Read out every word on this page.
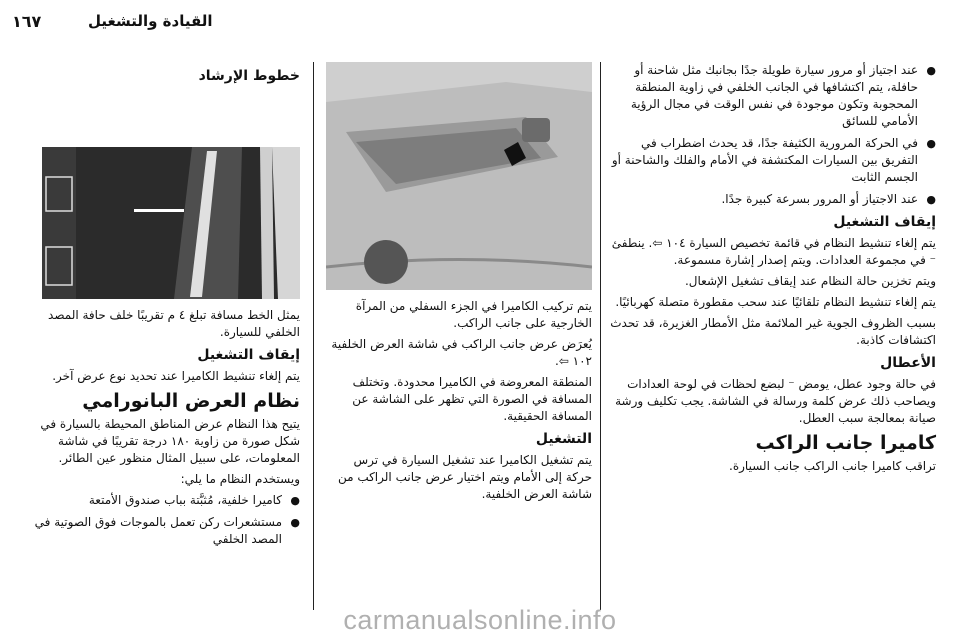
١٦٧	القيادة والتشغيل
● عند اجتياز أو مرور سيارة طويلة جدًا بجانبك مثل شاحنة أو حافلة، يتم اكتشافها في الجانب الخلفي في زاوية المنطقة المحجوبة وتكون موجودة في نفس الوقت في مجال الرؤية الأمامي للسائق
● في الحركة المرورية الكثيفة جدًا، قد يحدث اضطراب في التفريق بين السيارات المكتشفة في الأمام والفلك والشاحنة أو الجسم الثابت
● عند الاجتياز أو المرور بسرعة كبيرة جدًا.
إيقاف التشغيل

يتم إلغاء تنشيط النظام في قائمة تخصيص السيارة ١٠٤ ⇦. ينطفئ ⁻ في مجموعة العدادات. ويتم إصدار إشارة مسموعة.

ويتم تخزين حالة النظام عند إيقاف تشغيل الإشعال.

يتم إلغاء تنشيط النظام تلقائيًا عند سحب مقطورة متصلة كهربائيًا.

بسبب الظروف الجوية غير الملائمة مثل الأمطار الغزيرة، قد تحدث اكتشافات كاذبة.

الأعطال

في حالة وجود عطل، يومض ⁻ لبضع لحظات في لوحة العدادات ويصاحب ذلك عرض كلمة ورسالة في الشاشة. يجب تكليف ورشة صيانة بمعالجة سبب العطل.

كاميرا جانب الراكب

تراقب كاميرا جانب الراكب جانب السيارة.

يتم تركيب الكاميرا في الجزء السفلي من المرآة الخارجية على جانب الراكب.

يُعرَض عرض جانب الراكب في شاشة العرض الخلفية ١٠٢ ⇦.

المنطقة المعروضة في الكاميرا محدودة. وتختلف المسافة في الصورة التي تظهر على الشاشة عن المسافة الحقيقية.

التشغيل

يتم تشغيل الكاميرا عند تشغيل السيارة في ترس حركة إلى الأمام ويتم اختيار عرض جانب الراكب من شاشة العرض الخلفية.

خطوط الإرشاد

يمثل الخط مسافة تبلغ ٤ م تقريبًا خلف حافة المصد الخلفي للسيارة.

إيقاف التشغيل

يتم إلغاء تنشيط الكاميرا عند تحديد نوع عرض آخر.

نظام العرض البانورامي

يتيح هذا النظام عرض المناطق المحيطة بالسيارة في شكل صورة من زاوية ١٨٠ درجة تقريبًا في شاشة المعلومات، على سبيل المثال منظور عين الطائر.

ويستخدم النظام ما يلي:

● كاميرا خلفية، مُثبَّتة بباب صندوق الأمتعة
● مستشعرات ركن تعمل بالموجات فوق الصوتية في المصد الخلفي
carmanualsonline.info
